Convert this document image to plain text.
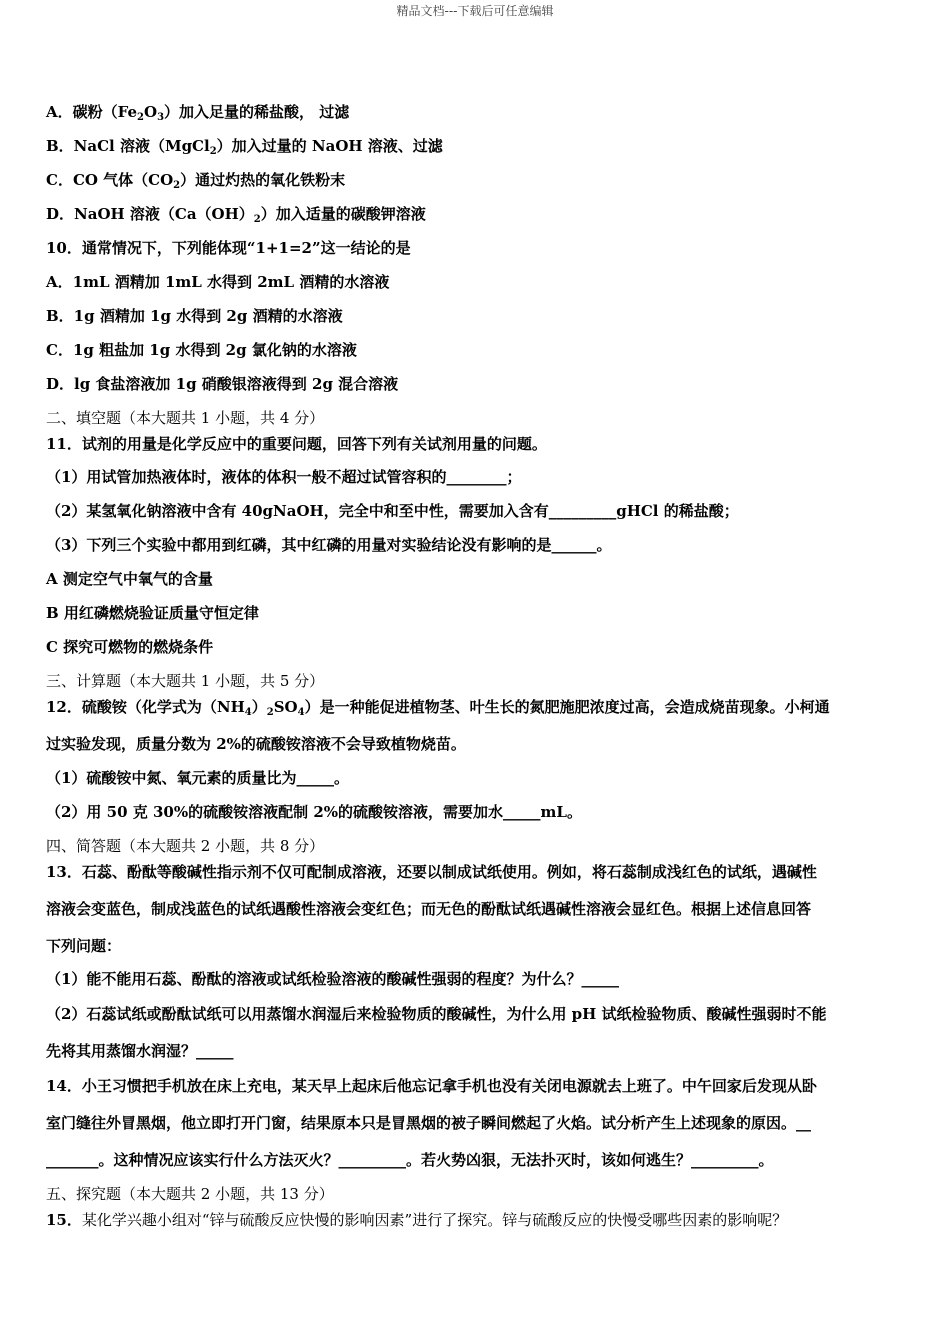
精品文档---下载后可任意编辑
A．碳粉$(Fe_2O_3)$加入足量的稀盐酸， 过滤
B．NaCl 溶液（MgCl$_2$）加入过量的 NaOH 溶液、过滤
C．CO 气体$(CO_2)$通过灼热的氧化铁粉末
D．NaOH 溶液$(Ca(OH)_2)$加入适量的碳酸钾溶液
10．通常情况下，下列能体现“1+1=2”这一结论的是
A．1mL 酒精加 1mL 水得到 2mL 酒精的水溶液
B．1g 酒精加 1g 水得到 2g 酒精的水溶液
C．1g 粗盐加 1g 水得到 2g 氯化钠的水溶液
D．lg 食盐溶液加 1g 硝酸银溶液得到 2g 混合溶液
二、填空题（本大题共 1 小题，共 4 分）
11．试剂的用量是化学反应中的重要问题，回答下列有关试剂用量的问题。
（1）用试管加热液体时，液体的体积一般不超过试管容积的________；
（2）某氢氧化钠溶液中含有 40gNaOH，完全中和至中性，需要加入含有_________gHCl 的稀盐酸；
（3）下列三个实验中都用到红磷，其中红磷的用量对实验结论没有影响的是______。
A 测定空气中氧气的含量
B 用红磷燃烧验证质量守恒定律
C 探究可燃物的燃烧条件
三、计算题（本大题共 1 小题，共 5 分）
12．硫酸铵（化学式为$(NH_4)_2SO_4$）是一种能促进植物茎、叶生长的氮肥施肥浓度过高，会造成烧苗现象。小柯通
过实验发现，质量分数为 2%的硫酸铵溶液不会导致植物烧苗。
（1）硫酸铵中氮、氧元素的质量比为_____。
（2）用 50 克 30%的硫酸铵溶液配制 2%的硫酸铵溶液，需要加水_____mL。
四、简答题（本大题共 2 小题，共 8 分）
13．石蕊、酚酞等酸碱性指示剂不仅可配制成溶液，还要以制成试纸使用。例如，将石蕊制成浅红色的试纸，遇碱性
溶液会变蓝色，制成浅蓝色的试纸遇酸性溶液会变红色；而无色的酚酞试纸遇碱性溶液会显红色。根据上述信息回答
下列问题：
（1）能不能用石蕊、酚酞的溶液或试纸检验溶液的酸碱性强弱的程度？为什么？_____
（2）石蕊试纸或酚酞试纸可以用蒸馏水润湿后来检验物质的酸碱性，为什么用 pH 试纸检验物质、酸碱性强弱时不能
先将其用蒸馏水润湿？_____
14．小王习惯把手机放在床上充电，某天早上起床后他忘记拿手机也没有关闭电源就去上班了。中午回家后发现从卧
室门缝往外冒黑烟，他立即打开门窗，结果原本只是冒黑烟的被子瞬间燃起了火焰。试分析产生上述现象的原因。__
_______。这种情况应该实行什么方法灭火？_________。若火势凶狠，无法扑灭时，该如何逃生？_________。
五、探究题（本大题共 2 小题，共 13 分）
15．某化学兴趣小组对“锌与硫酸反应快慢的影响因素”进行了探究。锌与硫酸反应的快慢受哪些因素的影响呢？
